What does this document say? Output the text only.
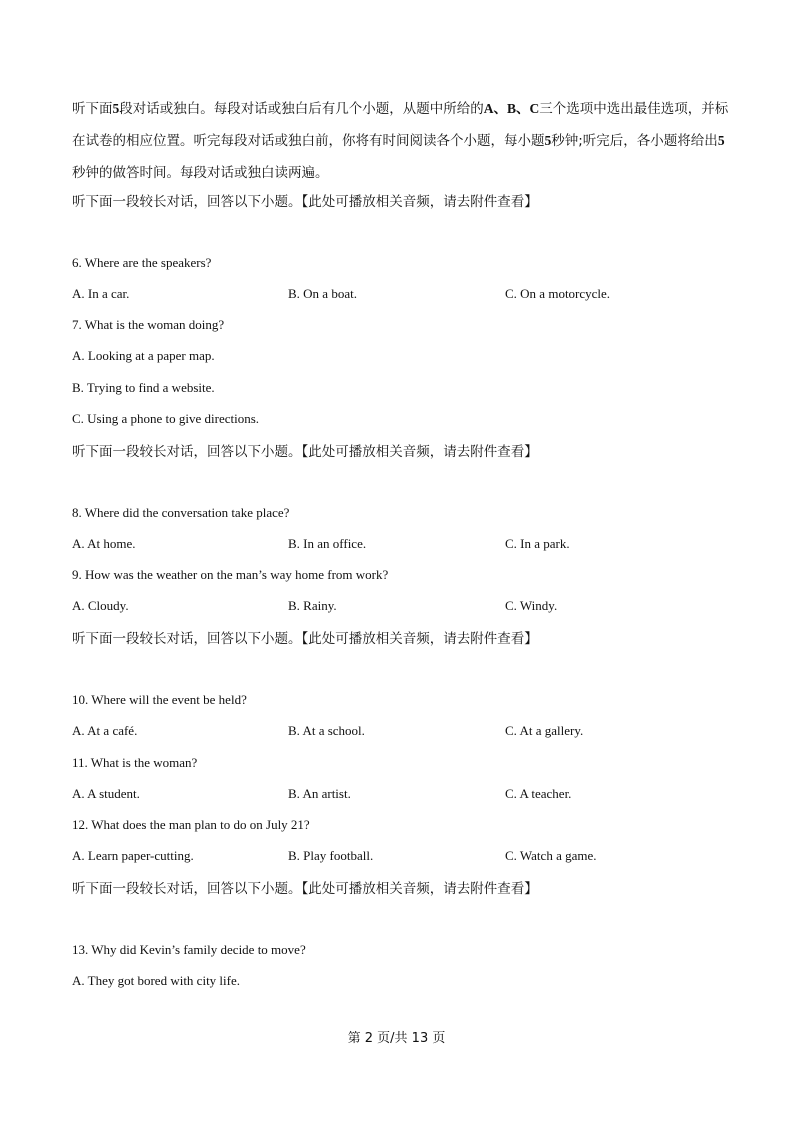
听下面5段对话或独白。每段对话或独白后有几个小题，从题中所给的A、B、C三个选项中选出最佳选项，并标在试卷的相应位置。听完每段对话或独白前，你将有时间阅读各个小题，每小题5秒钟;听完后，各小题将给出5秒钟的做答时间。每段对话或独白读两遍。

听下面一段较长对话，回答以下小题。【此处可播放相关音频，请去附件查看】

6. Where are the speakers?

A. In a car.	B. On a boat.	C. On a motorcycle.

7. What is the woman doing?

A. Looking at a paper map.

B. Trying to find a website.

C. Using a phone to give directions.

听下面一段较长对话，回答以下小题。【此处可播放相关音频，请去附件查看】

8. Where did the conversation take place?

A. At home.	B. In an office.	C. In a park.

9. How was the weather on the man’s way home from work?

A. Cloudy.	B. Rainy.	C. Windy.

听下面一段较长对话，回答以下小题。【此处可播放相关音频，请去附件查看】

10. Where will the event be held?

A. At a café.	B. At a school.	C. At a gallery.

11. What is the woman?

A. A student.	B. An artist.	C. A teacher.

12. What does the man plan to do on July 21?

A. Learn paper-cutting.	B. Play football.	C. Watch a game.

听下面一段较长对话，回答以下小题。【此处可播放相关音频，请去附件查看】

13. Why did Kevin’s family decide to move?

A. They got bored with city life.

第 2 页/共 13 页
